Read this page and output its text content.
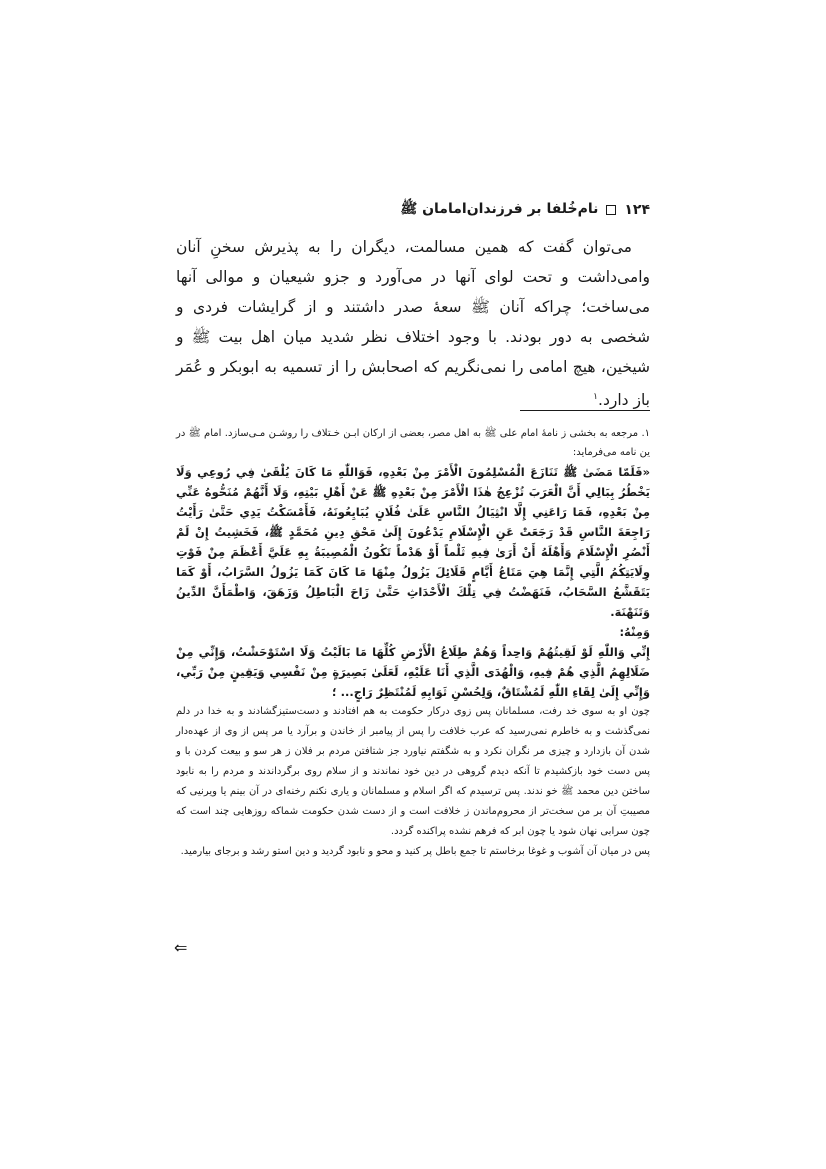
۱۲۴
نام‌خُلفا بر فرزندان‌امامان ﷺ

می‌توان گفت که همین مسالمت، دیگران را به پذیرش سخنِ آنان وامی‌داشت و تحت لوای آنها در می‌آورد و جزو شیعیان و موالی آنها می‌ساخت؛ چراکه آنان ﷺ سعهٔ صدر داشتند و از گرایشات فردی و شخصی به دور بودند. با وجود اختلاف نظر شدید میان اهل بیت ﷺ و شیخین، هیچ امامی را نمی‌نگریم که اصحابش را از تسمیه به ابوبکر و عُمَر باز دارد.$^۱$

۱. مرجعه به بخشی ز نامهٔ امام علی ﷺ به اهل مصر، بعضی از ارکان ابـن خـتلاف را روشـن مـی‌سازد. امام ﷺ در ین نامه می‌فرماید:

«فَلَمّا مَضَیٰ ﷺ تَنَازَعَ الْمُسْلِمُونَ الْأَمْرَ مِنْ بَعْدِهِ، فَوَاللّٰهِ مَا كَانَ يُلْقَیٰ فِي رُوعِي وَلَا يَخْطُرُ بِبَالِي أَنَّ الْعَرَبَ تُزْعِجُ هٰذَا الْأَمْرَ مِنْ بَعْدِهِ ﷺ عَنْ أَهْلِ بَيْتِهِ، وَلَا أَنَّهُمْ مُنَحُّوهُ عَنِّي مِنْ بَعْدِهِ، فَمَا رَاعَنِي إِلَّا انْثِيَالُ النَّاسِ عَلَیٰ فُلَانٍ يُبَايِعُونَهُ، فَأَمْسَكْتُ يَدِي حَتَّیٰ رَأَيْتُ رَاجِعَةَ النَّاسِ قَدْ رَجَعَتْ عَنِ الْإِسْلَامِ يَدْعُونَ إِلَیٰ مَحْقِ دِينِ مُحَمَّدٍ ﷺ، فَخَشِيتُ إِنْ لَمْ أَنْصُرِ الْإِسْلَامَ وَأَهْلَهُ أَنْ أَرَیٰ فِيهِ ثَلْماً أَوْ هَدْماً تَكُونُ الْمُصِيبَةُ بِهِ عَلَيَّ أَعْظَمَ مِنْ فَوْتِ وِلَايَتِكُمُ الَّتِي إِنَّمَا هِيَ مَتَاعُ أَيَّامٍ قَلَائِلَ يَزُولُ مِنْهَا مَا كَانَ كَمَا يَزُولُ السَّرَابُ، أَوْ كَمَا يَتَقَشَّعُ السَّحَابُ، فَنَهَضْتُ فِي تِلْكَ الْأَحْدَاثِ حَتَّیٰ زَاحَ الْبَاطِلُ وَزَهَقَ، وَاطْمَأَنَّ الدِّينُ وَتَنَهْنَهَ.

وَمِنْهُ:

إِنِّي وَاللّٰهِ لَوْ لَقِيتُهُمْ وَاحِداً وَهُمْ طِلَاعُ الْأَرْضِ كُلِّهَا مَا بَالَيْتُ وَلَا اسْتَوْحَشْتُ، وَإِنِّي مِنْ ضَلَالِهِمُ الَّذِي هُمْ فِيهِ، وَالْهُدَی الَّذِي أَنَا عَلَيْهِ، لَعَلَیٰ بَصِيرَةٍ مِنْ نَفْسِي وَيَقِينٍ مِنْ رَبِّي، وَإِنِّي إِلَیٰ لِقَاءِ اللّٰهِ لَمُشْتَاقٌ، وَلِحُسْنِ ثَوَابِهِ لَمُنْتَظِرٌ رَاجٍ... ؛

چون او به سوی خد رفت، مسلمانان پس زوی درکار حکومت به هم افتادند و دست‌ستیزگشادند و به خدا در دلم نمی‌گذشت و به خاطرم نمی‌رسید که عرب خلافت را پس از پیامبر از خاندن و برآرد یا مر پس از وی از عهده‌دار شدن آن بازدارد و چیزی مر نگران نکرد و به شگفتم نیاورد جز شتافتن مردم بر فلان ز هر سو و بیعت کردن با و پس دست خود بازکشیدم تا آنکه دیدم گروهی در دین خود نماندند و از سلام روی برگرداندند و مردم را به نابود ساختن دین محمد ﷺ خو ندند. پس ترسیدم که اگر اسلام و مسلمانان و یاری نکنم رخنه‌ای در آن بینم یا ویرنیی که مصیبتِ آن بر من سخت‌تر از محروم‌ماندن ز خلافت است و از دست شدن حکومت شماکه روزهایی چند است که چون سرابی نهان شود یا چون ابر که فرهم نشده پراکنده گردد.

پس در میان آن آشوب و غوغا برخاستم تا جمع باطل پر کنید و محو و نابود گردید و دین استو رشد و برجای بیارمید.

⇐
